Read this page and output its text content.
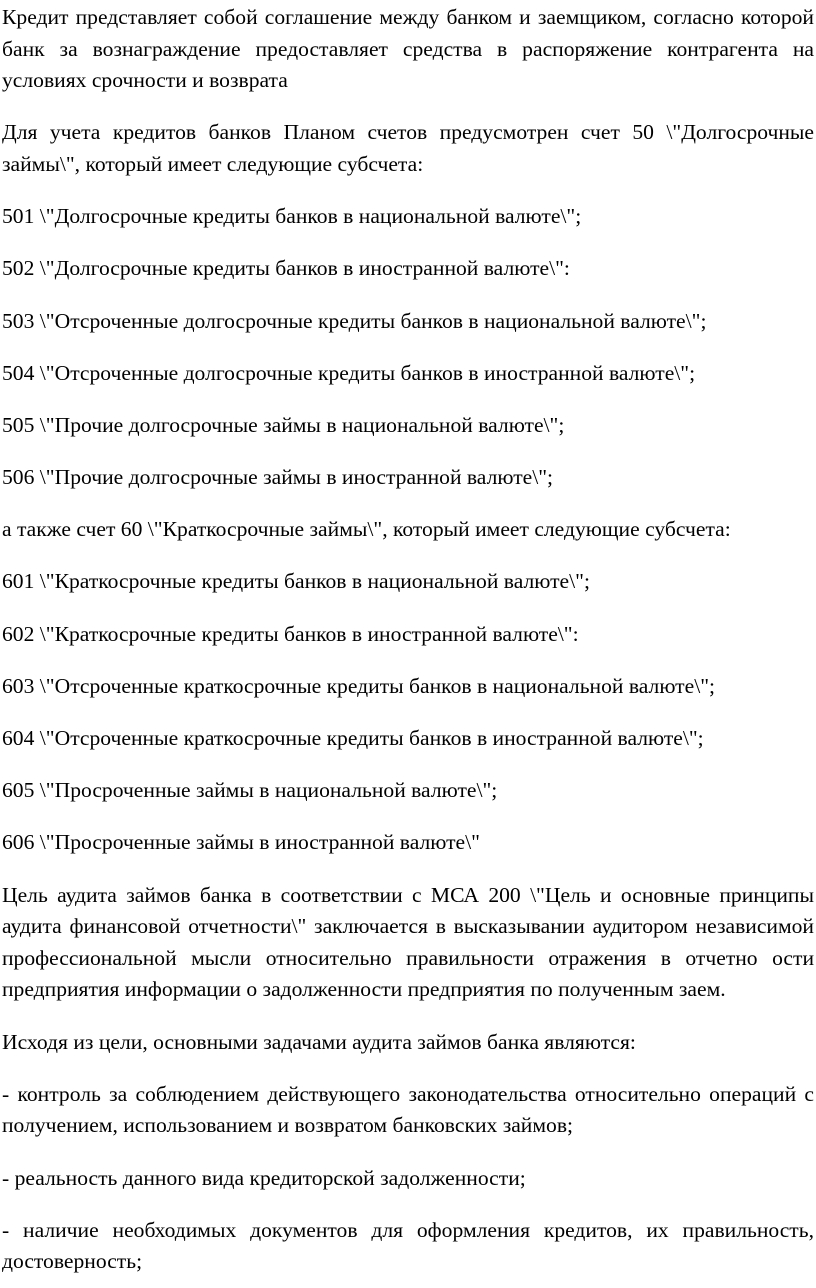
Кредит представляет собой соглашение между банком и заемщиком, согласно которой банк за вознаграждение предоставляет средства в распоряжение контрагента на условиях срочности и возврата

Для учета кредитов банков Планом счетов предусмотрен счет 50 \"Долгосрочные займы\", который имеет следующие субсчета:

501 \"Долгосрочные кредиты банков в национальной валюте\";

502 \"Долгосрочные кредиты банков в иностранной валюте\":

503 \"Отсроченные долгосрочные кредиты банков в национальной валюте\";

504 \"Отсроченные долгосрочные кредиты банков в иностранной валюте\";

505 \"Прочие долгосрочные займы в национальной валюте\";

506 \"Прочие долгосрочные займы в иностранной валюте\";

а также счет 60 \"Краткосрочные займы\", который имеет следующие субсчета:

601 \"Краткосрочные кредиты банков в национальной валюте\";

602 \"Краткосрочные кредиты банков в иностранной валюте\":

603 \"Отсроченные краткосрочные кредиты банков в национальной валюте\";

604 \"Отсроченные краткосрочные кредиты банков в иностранной валюте\";

605 \"Просроченные займы в национальной валюте\";

606 \"Просроченные займы в иностранной валюте\"

Цель аудита займов банка в соответствии с МСА 200 \"Цель и основные принципы аудита финансовой отчетности\" заключается в высказывании аудитором независимой профессиональной мысли относительно правильности отражения в отчетно ости предприятия информации о задолженности предприятия по полученным заем.

Исходя из цели, основными задачами аудита займов банка являются:

- контроль за соблюдением действующего законодательства относительно операций с получением, использованием и возвратом банковских займов;

- реальность данного вида кредиторской задолженности;

- наличие необходимых документов для оформления кредитов, их правильность, достоверность;
